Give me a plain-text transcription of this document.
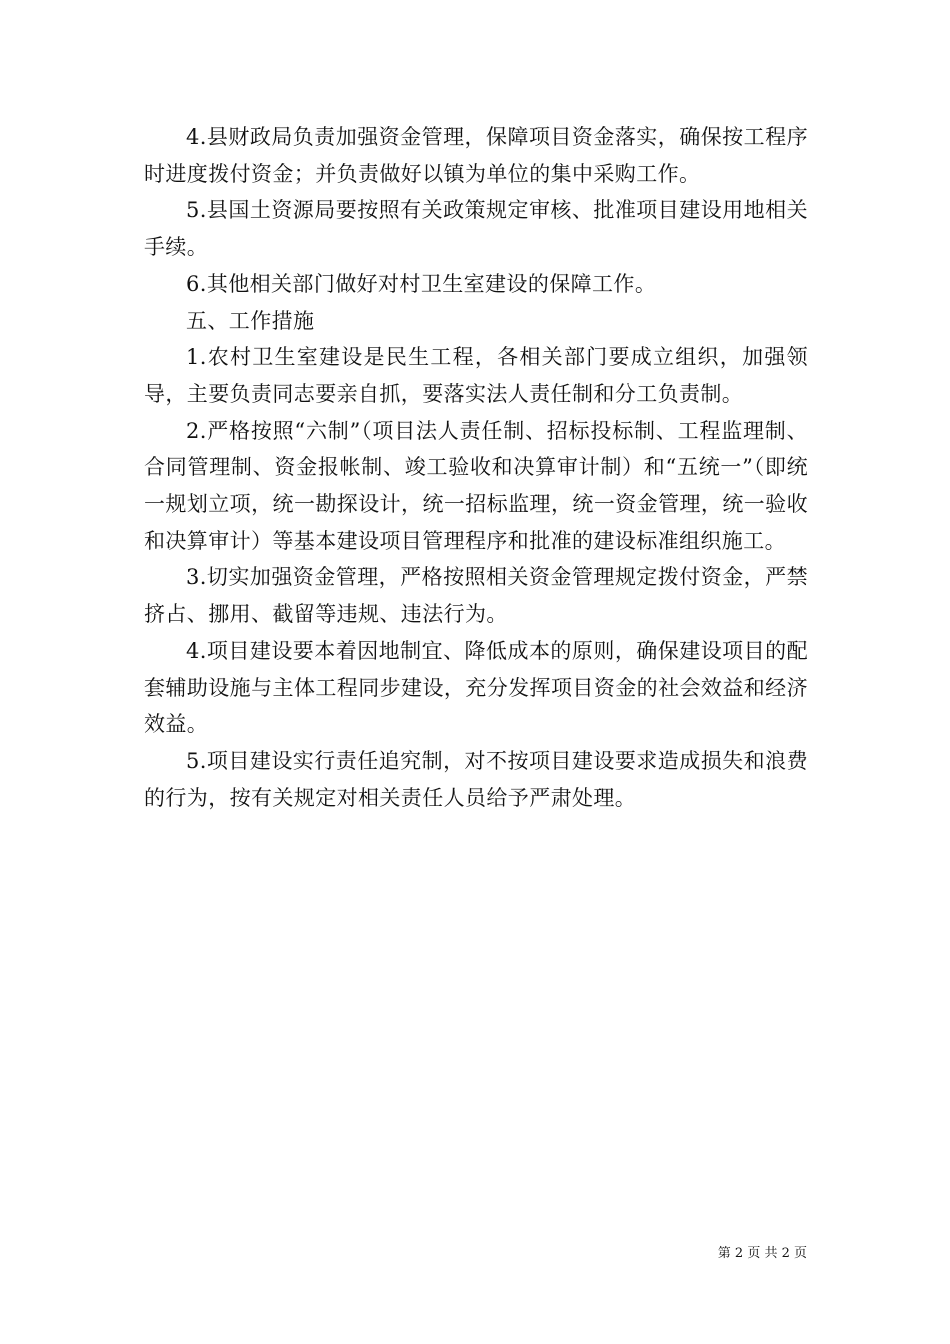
4.县财政局负责加强资金管理，保障项目资金落实，确保按工程序时进度拨付资金；并负责做好以镇为单位的集中采购工作。

5.县国土资源局要按照有关政策规定审核、批准项目建设用地相关手续。

6.其他相关部门做好对村卫生室建设的保障工作。

五、工作措施

1.农村卫生室建设是民生工程，各相关部门要成立组织，加强领导，主要负责同志要亲自抓，要落实法人责任制和分工负责制。

2.严格按照“六制”（项目法人责任制、招标投标制、工程监理制、合同管理制、资金报帐制、竣工验收和决算审计制）和“五统一”（即统一规划立项，统一勘探设计，统一招标监理，统一资金管理，统一验收和决算审计）等基本建设项目管理程序和批准的建设标准组织施工。

3.切实加强资金管理，严格按照相关资金管理规定拨付资金，严禁挤占、挪用、截留等违规、违法行为。

4.项目建设要本着因地制宜、降低成本的原则，确保建设项目的配套辅助设施与主体工程同步建设，充分发挥项目资金的社会效益和经济效益。

5.项目建设实行责任追究制，对不按项目建设要求造成损失和浪费的行为，按有关规定对相关责任人员给予严肃处理。

第 2 页 共 2 页
